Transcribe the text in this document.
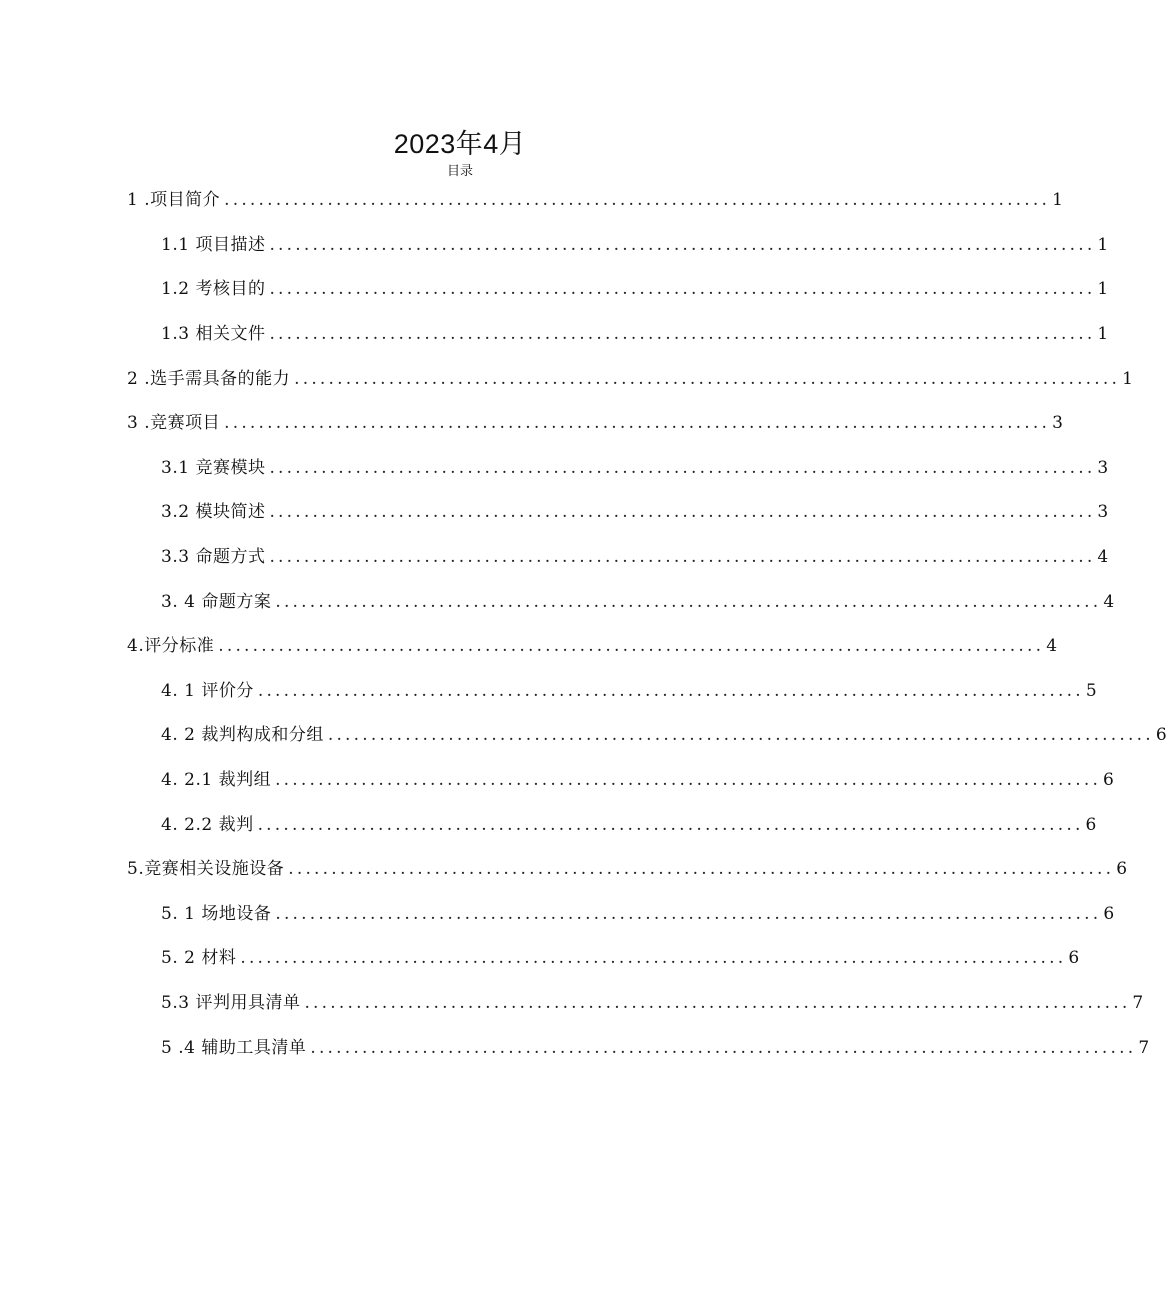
2023年4月
目录
1 .项目简介 ................................................................................................ 1
1.1 项目描述 ................................................................................................ 1
1.2 考核目的 ................................................................................................ 1
1.3 相关文件 ................................................................................................ 1
2 .选手需具备的能力 ................................................................................................ 1
3 .竞赛项目 ................................................................................................ 3
3.1 竞赛模块 ................................................................................................ 3
3.2 模块简述 ................................................................................................ 3
3.3 命题方式 ................................................................................................ 4
3. 4 命题方案 ................................................................................................ 4
4.评分标准 ................................................................................................ 4
4. 1 评价分 ................................................................................................ 5
4. 2 裁判构成和分组 ................................................................................................ 6
4. 2.1 裁判组 ................................................................................................ 6
4. 2.2 裁判 ................................................................................................ 6
5.竞赛相关设施设备 ................................................................................................ 6
5. 1 场地设备 ................................................................................................ 6
5. 2 材料 ................................................................................................ 6
5.3 评判用具清单 ................................................................................................ 7
5 .4 辅助工具清单 ................................................................................................ 7
